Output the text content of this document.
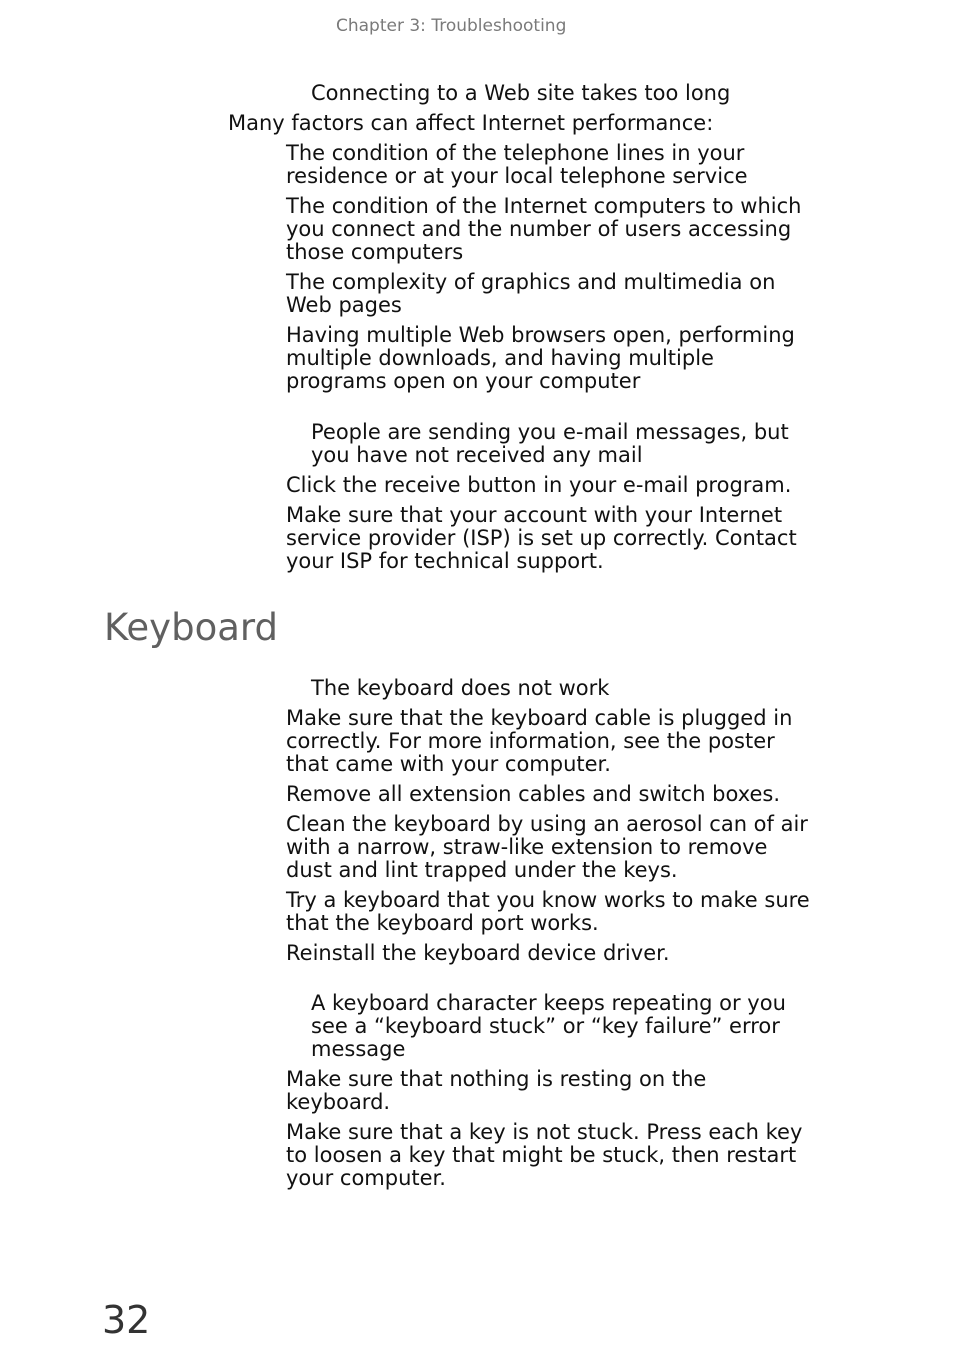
Chapter 3: Troubleshooting
Connecting to a Web site takes too long
Many factors can affect Internet performance:
The condition of the telephone lines in your residence or at your local telephone service
The condition of the Internet computers to which you connect and the number of users accessing those computers
The complexity of graphics and multimedia on Web pages
Having multiple Web browsers open, performing multiple downloads, and having multiple programs open on your computer
People are sending you e-mail messages, but you have not received any mail
Click the receive button in your e-mail program.
Make sure that your account with your Internet service provider (ISP) is set up correctly. Contact your ISP for technical support.
Keyboard
The keyboard does not work
Make sure that the keyboard cable is plugged in correctly. For more information, see the poster that came with your computer.
Remove all extension cables and switch boxes.
Clean the keyboard by using an aerosol can of air with a narrow, straw-like extension to remove dust and lint trapped under the keys.
Try a keyboard that you know works to make sure that the keyboard port works.
Reinstall the keyboard device driver.
A keyboard character keeps repeating or you see a “keyboard stuck” or “key failure” error message
Make sure that nothing is resting on the keyboard.
Make sure that a key is not stuck. Press each key to loosen a key that might be stuck, then restart your computer.
32
